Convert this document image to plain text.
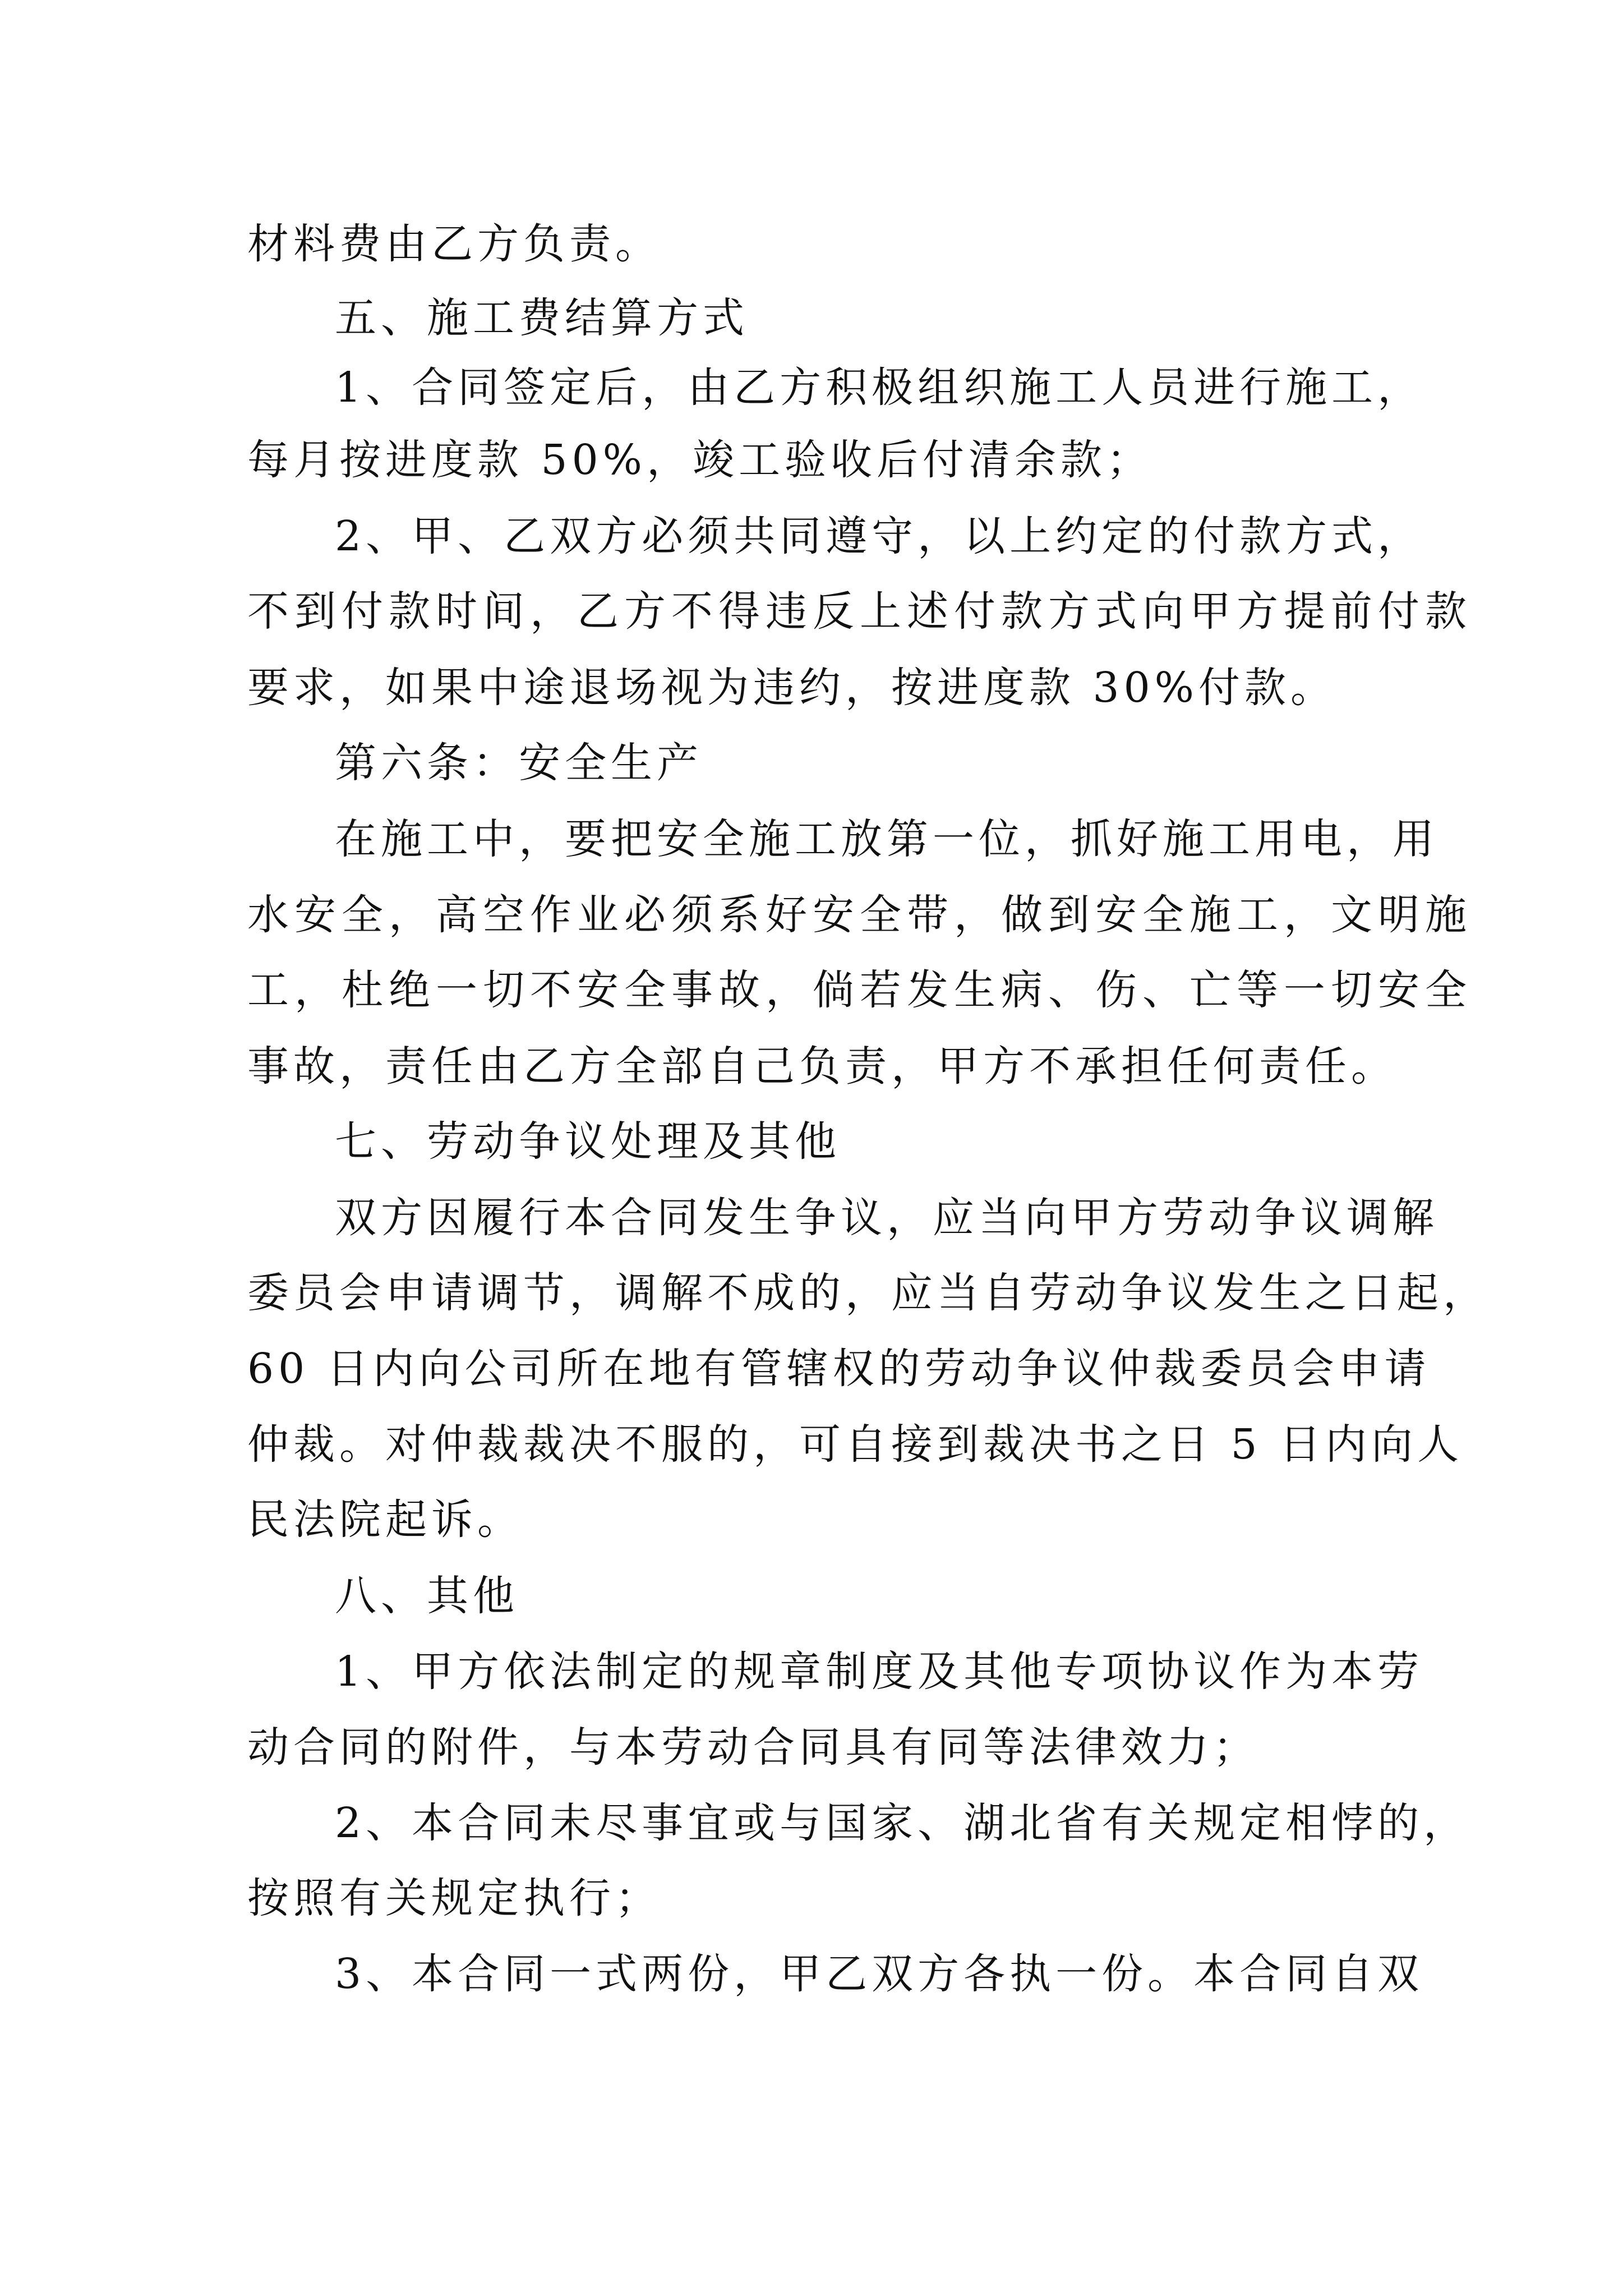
材料费由乙方负责。

五、施工费结算方式

1、合同签定后，由乙方积极组织施工人员进行施工，

每月按进度款 50%，竣工验收后付清余款；

2、甲、乙双方必须共同遵守，以上约定的付款方式，

不到付款时间，乙方不得违反上述付款方式向甲方提前付款

要求，如果中途退场视为违约，按进度款 30%付款。

第六条：安全生产

在施工中，要把安全施工放第一位，抓好施工用电，用

水安全，高空作业必须系好安全带，做到安全施工，文明施

工，杜绝一切不安全事故，倘若发生病、伤、亡等一切安全

事故，责任由乙方全部自己负责，甲方不承担任何责任。

七、劳动争议处理及其他

双方因履行本合同发生争议，应当向甲方劳动争议调解

委员会申请调节，调解不成的，应当自劳动争议发生之日起，

60 日内向公司所在地有管辖权的劳动争议仲裁委员会申请

仲裁。对仲裁裁决不服的，可自接到裁决书之日 5 日内向人

民法院起诉。

八、其他

1、甲方依法制定的规章制度及其他专项协议作为本劳

动合同的附件，与本劳动合同具有同等法律效力；

2、本合同未尽事宜或与国家、湖北省有关规定相悖的，

按照有关规定执行；

3、本合同一式两份，甲乙双方各执一份。本合同自双
